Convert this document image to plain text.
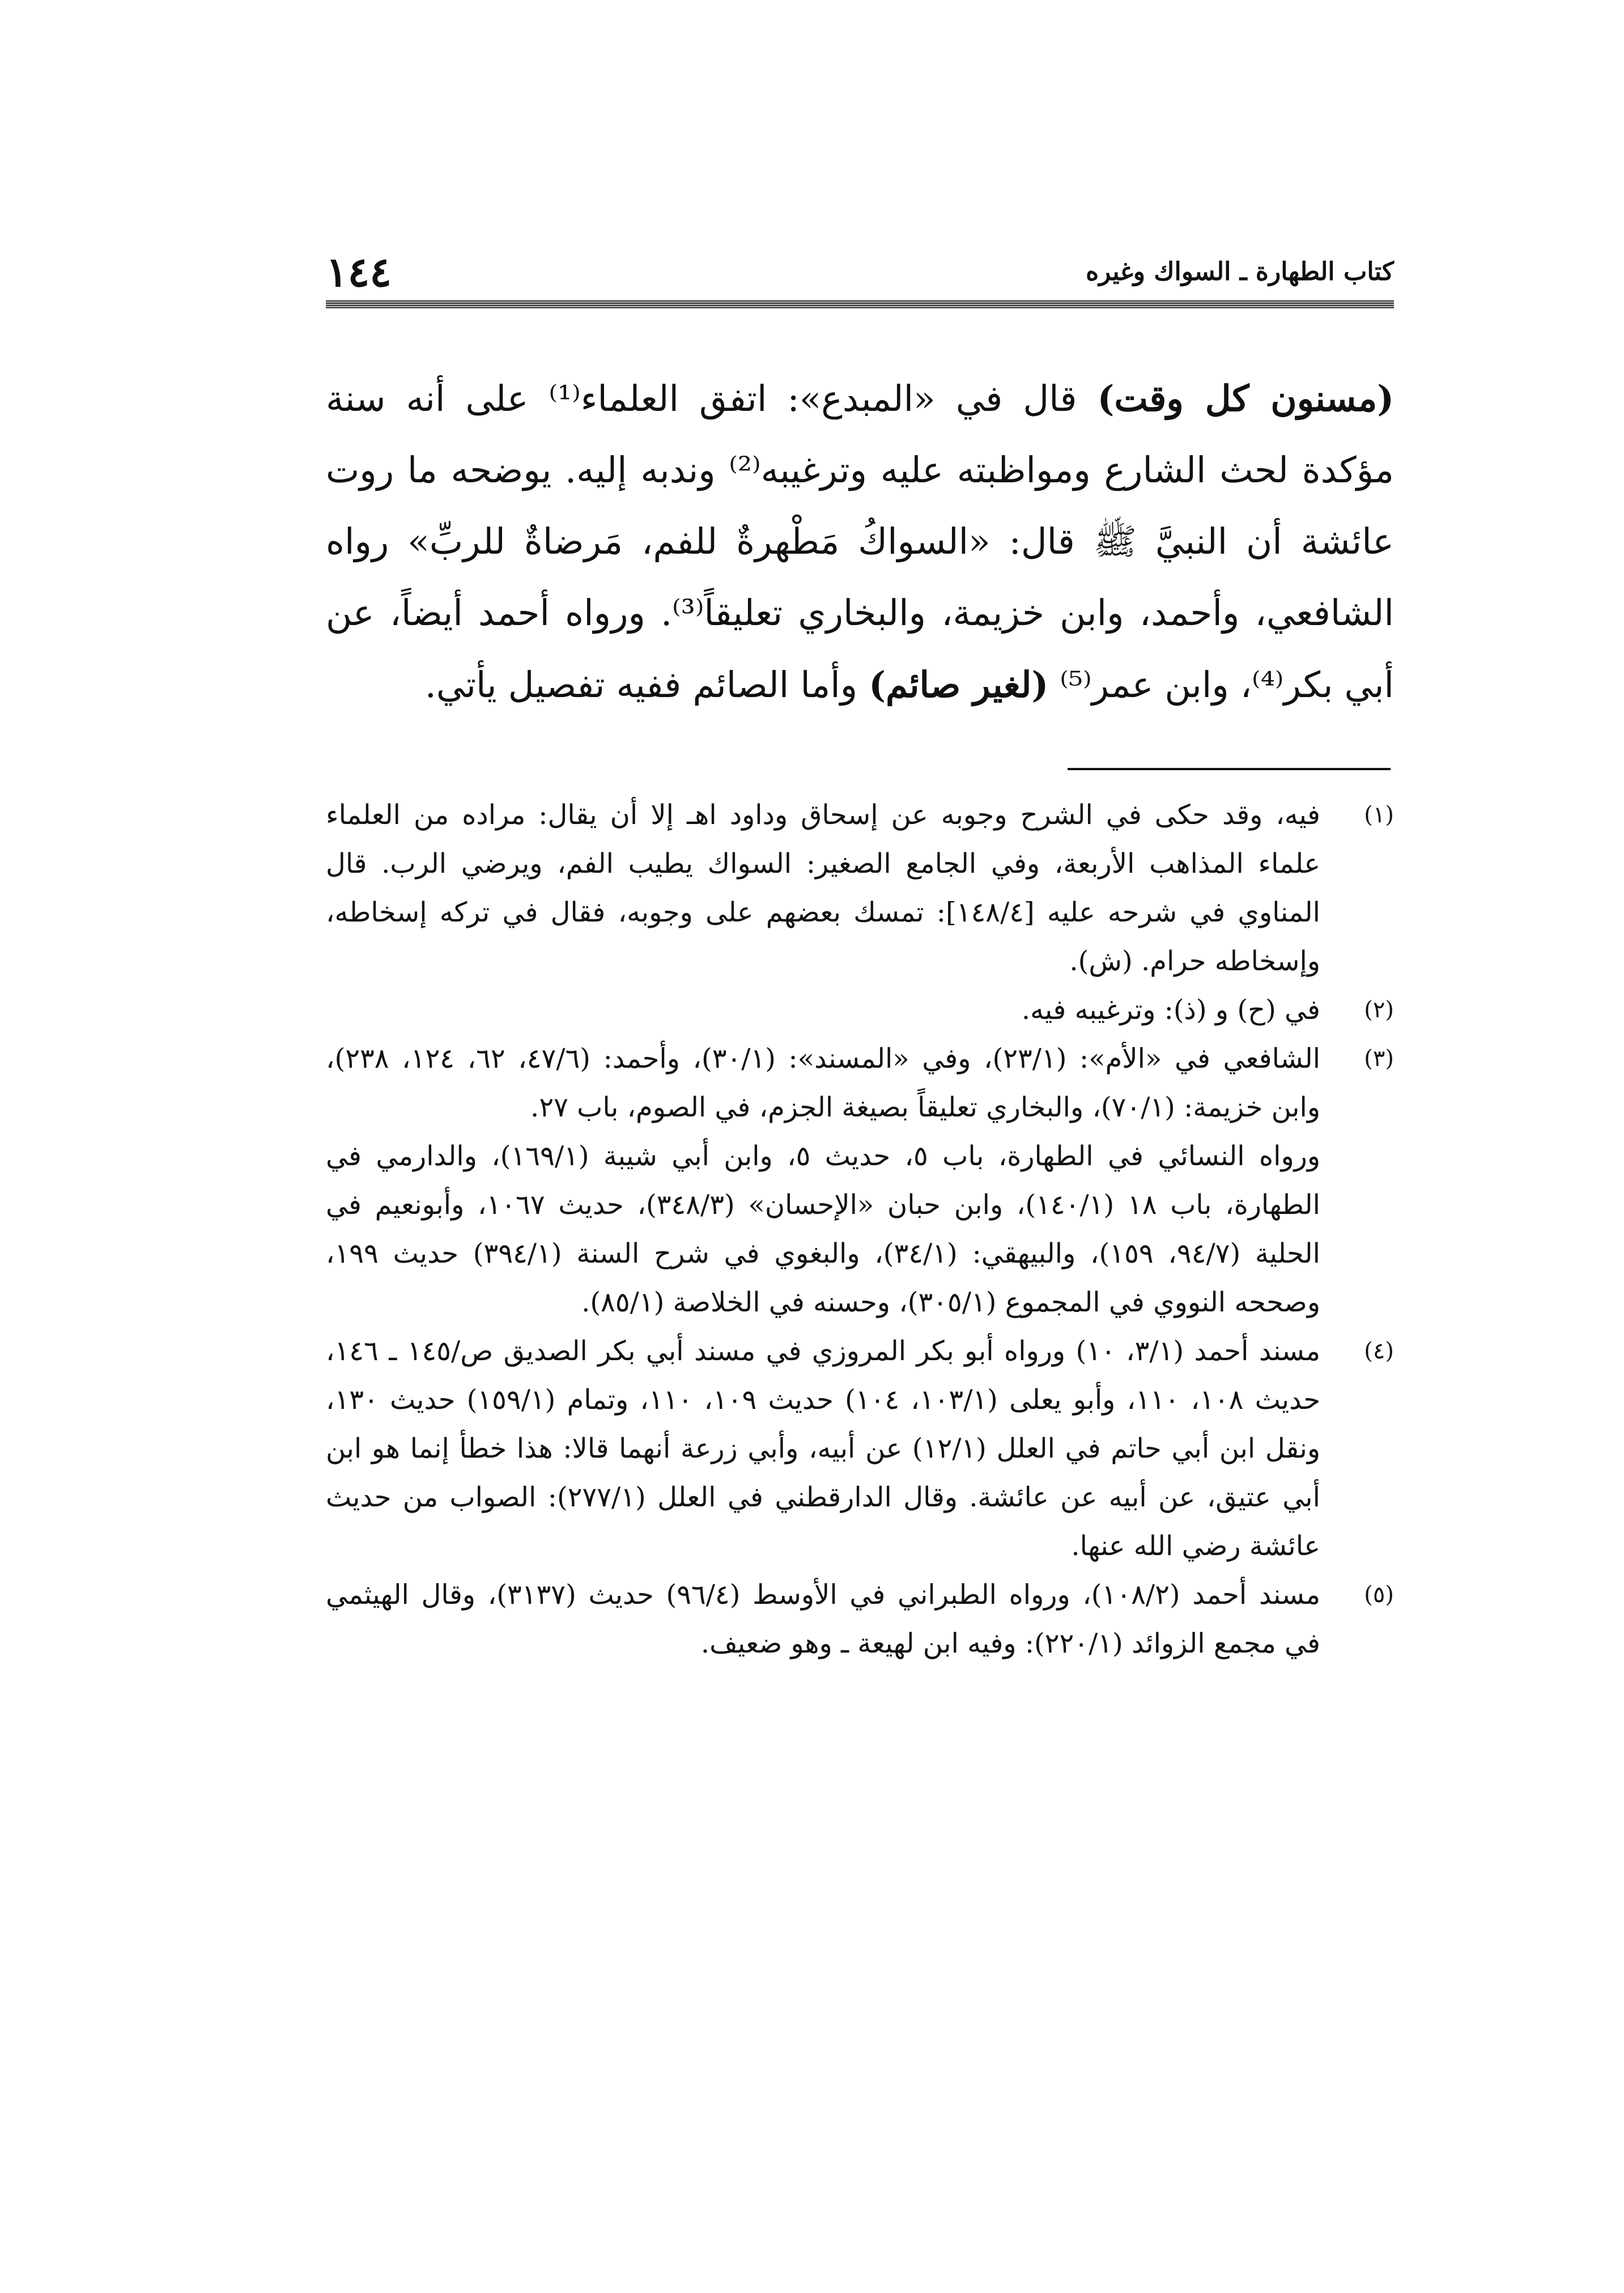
١٤٤	كتاب الطهارة ـ السواك وغيره

(مسنون كل وقت) قال في «المبدع»: اتفق العلماء⁽¹⁾ على أنه سنة مؤكدة لحث الشارع ومواظبته عليه وترغيبه⁽²⁾ وندبه إليه. يوضحه ما روت عائشة أن النبيَّ ﷺ قال: «السواكُ مَطْهرةٌ للفم، مَرضاةٌ للربِّ» رواه الشافعي، وأحمد، وابن خزيمة، والبخاري تعليقاً⁽³⁾. ورواه أحمد أيضاً، عن أبي بكر⁽⁴⁾، وابن عمر⁽⁵⁾ (لغير صائم) وأما الصائم ففيه تفصيل يأتي.

(١)

فيه، وقد حكى في الشرح وجوبه عن إسحاق وداود اهـ إلا أن يقال: مراده من العلماء علماء المذاهب الأربعة، وفي الجامع الصغير: السواك يطيب الفم، ويرضي الرب. قال المناوي في شرحه عليه [١٤٨/٤]: تمسك بعضهم على وجوبه، فقال في تركه إسخاطه، وإسخاطه حرام. (ش).

(٢)

في (ح) و (ذ): وترغيبه فيه.

(٣)

الشافعي في «الأم»: (٢٣/١)، وفي «المسند»: (٣٠/١)، وأحمد: (٤٧/٦، ٦٢، ١٢٤، ٢٣٨)، وابن خزيمة: (٧٠/١)، والبخاري تعليقاً بصيغة الجزم، في الصوم، باب ٢٧.

ورواه النسائي في الطهارة، باب ٥، حديث ٥، وابن أبي شيبة (١٦٩/١)، والدارمي في الطهارة، باب ١٨ (١٤٠/١)، وابن حبان «الإحسان» (٣٤٨/٣)، حديث ١٠٦٧، وأبونعيم في الحلية (٩٤/٧، ١٥٩)، والبيهقي: (٣٤/١)، والبغوي في شرح السنة (٣٩٤/١) حديث ١٩٩، وصححه النووي في المجموع (٣٠٥/١)، وحسنه في الخلاصة (٨٥/١).

(٤)

مسند أحمد (٣/١، ١٠) ورواه أبو بكر المروزي في مسند أبي بكر الصديق ص/١٤٥ ـ ١٤٦، حديث ١٠٨، ١١٠، وأبو يعلى (١٠٣/١، ١٠٤) حديث ١٠٩، ١١٠، وتمام (١٥٩/١) حديث ١٣٠، ونقل ابن أبي حاتم في العلل (١٢/١) عن أبيه، وأبي زرعة أنهما قالا: هذا خطأ إنما هو ابن أبي عتيق، عن أبيه عن عائشة. وقال الدارقطني في العلل (٢٧٧/١): الصواب من حديث عائشة رضي الله عنها.

(٥)

مسند أحمد (١٠٨/٢)، ورواه الطبراني في الأوسط (٩٦/٤) حديث (٣١٣٧)، وقال الهيثمي في مجمع الزوائد (٢٢٠/١): وفيه ابن لهيعة ـ وهو ضعيف.
